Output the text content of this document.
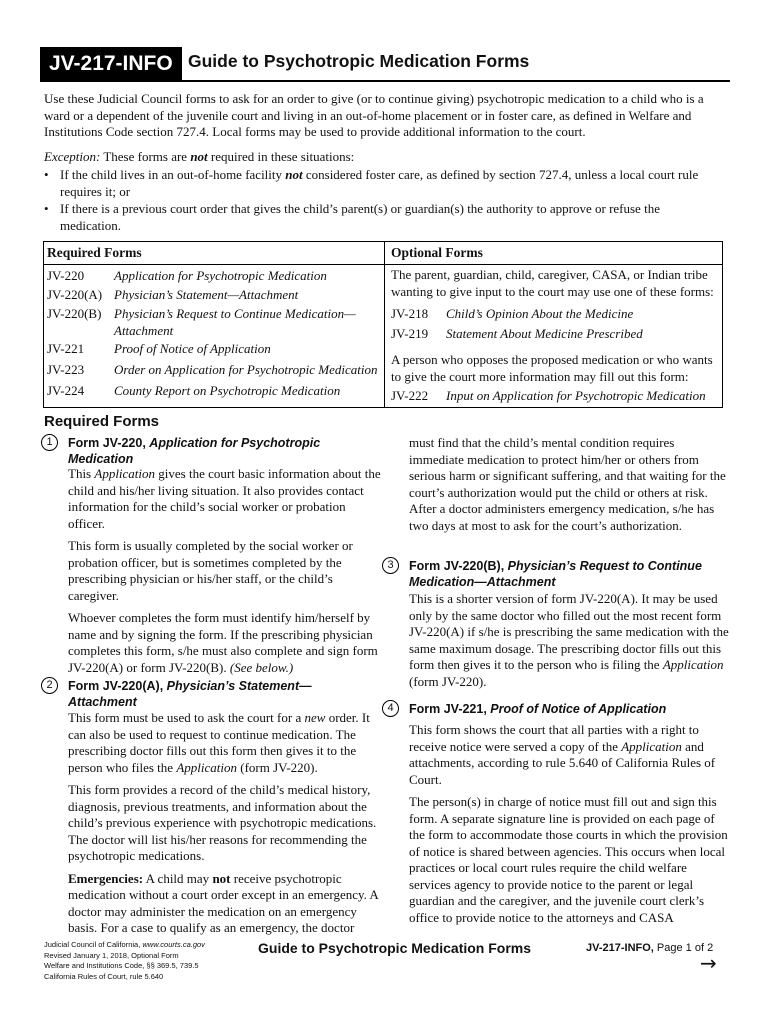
JV-217-INFO Guide to Psychotropic Medication Forms
Use these Judicial Council forms to ask for an order to give (or to continue giving) psychotropic medication to a child who is a ward or a dependent of the juvenile court and living in an out-of-home placement or in foster care, as defined in Welfare and Institutions Code section 727.4. Local forms may be used to provide additional information to the court.
Exception: These forms are not required in these situations:
• If the child lives in an out-of-home facility not considered foster care, as defined by section 727.4, unless a local court rule requires it; or
• If there is a previous court order that gives the child’s parent(s) or guardian(s) the authority to approve or refuse the medication.
Required Forms	Optional Forms
JV-220 Application for Psychotropic Medication
JV-220(A) Physician’s Statement—Attachment
JV-220(B) Physician’s Request to Continue Medication—Attachment
JV-221 Proof of Notice of Application
JV-223 Order on Application for Psychotropic Medication
JV-224 County Report on Psychotropic Medication
The parent, guardian, child, caregiver, CASA, or Indian tribe wanting to give input to the court may use one of these forms:
JV-218 Child’s Opinion About the Medicine
JV-219 Statement About Medicine Prescribed
A person who opposes the proposed medication or who wants to give the court more information may fill out this form:
JV-222 Input on Application for Psychotropic Medication
Required Forms
1	Form JV-220, Application for Psychotropic Medication

This Application gives the court basic information about the child and his/her living situation. It also provides contact information for the child’s social worker or probation officer.

This form is usually completed by the social worker or probation officer, but is sometimes completed by the prescribing physician or his/her staff, or the child’s caregiver.

Whoever completes the form must identify him/herself by name and by signing the form. If the prescribing physician completes this form, s/he must also complete and sign form JV-220(A) or form JV-220(B). (See below.)

2	Form JV-220(A), Physician’s Statement—Attachment

This form must be used to ask the court for a new order. It can also be used to request to continue medication. The prescribing doctor fills out this form then gives it to the person who files the Application (form JV-220).

This form provides a record of the child’s medical history, diagnosis, previous treatments, and information about the child’s previous experience with psychotropic medications. The doctor will list his/her reasons for recommending the psychotropic medications.

Emergencies: A child may not receive psychotropic medication without a court order except in an emergency. A doctor may administer the medication on an emergency basis. For a case to qualify as an emergency, the doctor

must find that the child’s mental condition requires immediate medication to protect him/her or others from serious harm or significant suffering, and that waiting for the court’s authorization would put the child or others at risk. After a doctor administers emergency medication, s/he has two days at most to ask for the court’s authorization.
3	Form JV-220(B), Physician’s Request to Continue Medication—Attachment

This is a shorter version of form JV-220(A). It may be used only by the same doctor who filled out the most recent form JV-220(A) if s/he is prescribing the same medication with the same maximum dosage. The prescribing doctor fills out this form then gives it to the person who is filing the Application (form JV-220).

4	Form JV-221, Proof of Notice of Application

This form shows the court that all parties with a right to receive notice were served a copy of the Application and attachments, according to rule 5.640 of California Rules of Court.

The person(s) in charge of notice must fill out and sign this form. A separate signature line is provided on each page of the form to accommodate those courts in which the provision of notice is shared between agencies. This occurs when local practices or local court rules require the child welfare services agency to provide notice to the parent or legal guardian and the caregiver, and the juvenile court clerk’s office to provide notice to the attorneys and CASA

Judicial Council of California, www.courts.ca.gov
Revised January 1, 2018, Optional Form
Welfare and Institutions Code, §§ 369.5, 739.5
California Rules of Court, rule 5.640
Guide to Psychotropic Medication Forms	JV-217-INFO, Page 1 of 2
→
